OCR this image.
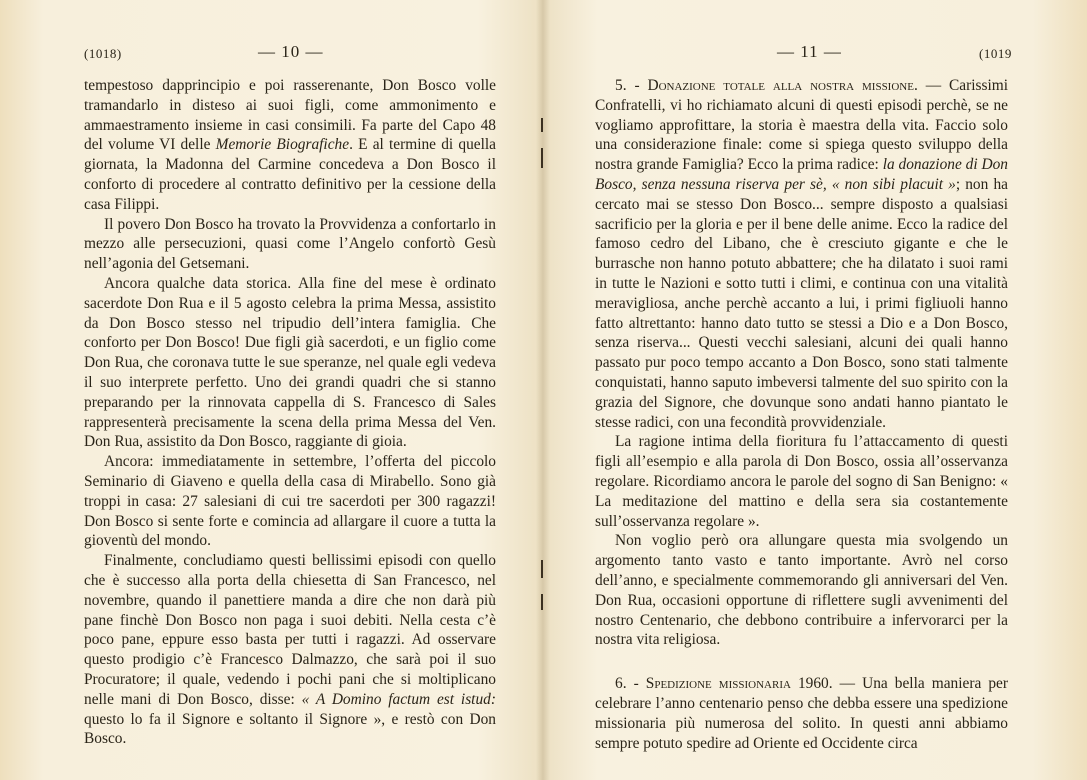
(1018)	— 10 —

tempestoso dapprincipio e poi rasserenante, Don Bosco volle tramandarlo in disteso ai suoi figli, come ammonimento e ammaestramento insieme in casi consimili. Fa parte del Capo 48 del volume VI delle Memorie Biografiche. E al termine di quella giornata, la Madonna del Carmine concedeva a Don Bosco il conforto di procedere al contratto definitivo per la cessione della casa Filippi.

Il povero Don Bosco ha trovato la Provvidenza a confortarlo in mezzo alle persecuzioni, quasi come l’Angelo confortò Gesù nell’agonia del Getsemani.

Ancora qualche data storica. Alla fine del mese è ordinato sacerdote Don Rua e il 5 agosto celebra la prima Messa, assistito da Don Bosco stesso nel tripudio dell’intera famiglia. Che conforto per Don Bosco! Due figli già sacerdoti, e un figlio come Don Rua, che coronava tutte le sue speranze, nel quale egli vedeva il suo interprete perfetto. Uno dei grandi quadri che si stanno preparando per la rinnovata cappella di S. Francesco di Sales rappresenterà precisamente la scena della prima Messa del Ven. Don Rua, assistito da Don Bosco, raggiante di gioia.

Ancora: immediatamente in settembre, l’offerta del piccolo Seminario di Giaveno e quella della casa di Mirabello. Sono già troppi in casa: 27 salesiani di cui tre sacerdoti per 300 ragazzi! Don Bosco si sente forte e comincia ad allargare il cuore a tutta la gioventù del mondo.

Finalmente, concludiamo questi bellissimi episodi con quello che è successo alla porta della chiesetta di San Francesco, nel novembre, quando il panettiere manda a dire che non darà più pane finchè Don Bosco non paga i suoi debiti. Nella cesta c’è poco pane, eppure esso basta per tutti i ragazzi. Ad osservare questo prodigio c’è Francesco Dalmazzo, che sarà poi il suo Procuratore; il quale, vedendo i pochi pani che si moltiplicano nelle mani di Don Bosco, disse: « A Domino factum est istud: questo lo fa il Signore e soltanto il Signore », e restò con Don Bosco.

— 11 —	(1019

5. - Donazione totale alla nostra missione. — Carissimi Confratelli, vi ho richiamato alcuni di questi episodi perchè, se ne vogliamo approfittare, la storia è maestra della vita. Faccio solo una considerazione finale: come si spiega questo sviluppo della nostra grande Famiglia? Ecco la prima radice: la donazione di Don Bosco, senza nessuna riserva per sè, « non sibi placuit »; non ha cercato mai se stesso Don Bosco... sempre disposto a qualsiasi sacrificio per la gloria e per il bene delle anime. Ecco la radice del famoso cedro del Libano, che è cresciuto gigante e che le burrasche non hanno potuto abbattere; che ha dilatato i suoi rami in tutte le Nazioni e sotto tutti i climi, e continua con una vitalità meravigliosa, anche perchè accanto a lui, i primi figliuoli hanno fatto altrettanto: hanno dato tutto se stessi a Dio e a Don Bosco, senza riserva... Questi vecchi salesiani, alcuni dei quali hanno passato pur poco tempo accanto a Don Bosco, sono stati talmente conquistati, hanno saputo imbeversi talmente del suo spirito con la grazia del Signore, che dovunque sono andati hanno piantato le stesse radici, con una fecondità provvidenziale.

La ragione intima della fioritura fu l’attaccamento di questi figli all’esempio e alla parola di Don Bosco, ossia all’osservanza regolare. Ricordiamo ancora le parole del sogno di San Benigno: « La meditazione del mattino e della sera sia costantemente sull’osservanza regolare ».

Non voglio però ora allungare questa mia svolgendo un argomento tanto vasto e tanto importante. Avrò nel corso dell’anno, e specialmente commemorando gli anniversari del Ven. Don Rua, occasioni opportune di riflettere sugli avvenimenti del nostro Centenario, che debbono contribuire a infervorarci per la nostra vita religiosa.

6. - Spedizione missionaria 1960. — Una bella maniera per celebrare l’anno centenario penso che debba essere una spedizione missionaria più numerosa del solito. In questi anni abbiamo sempre potuto spedire ad Oriente ed Occidente circa
